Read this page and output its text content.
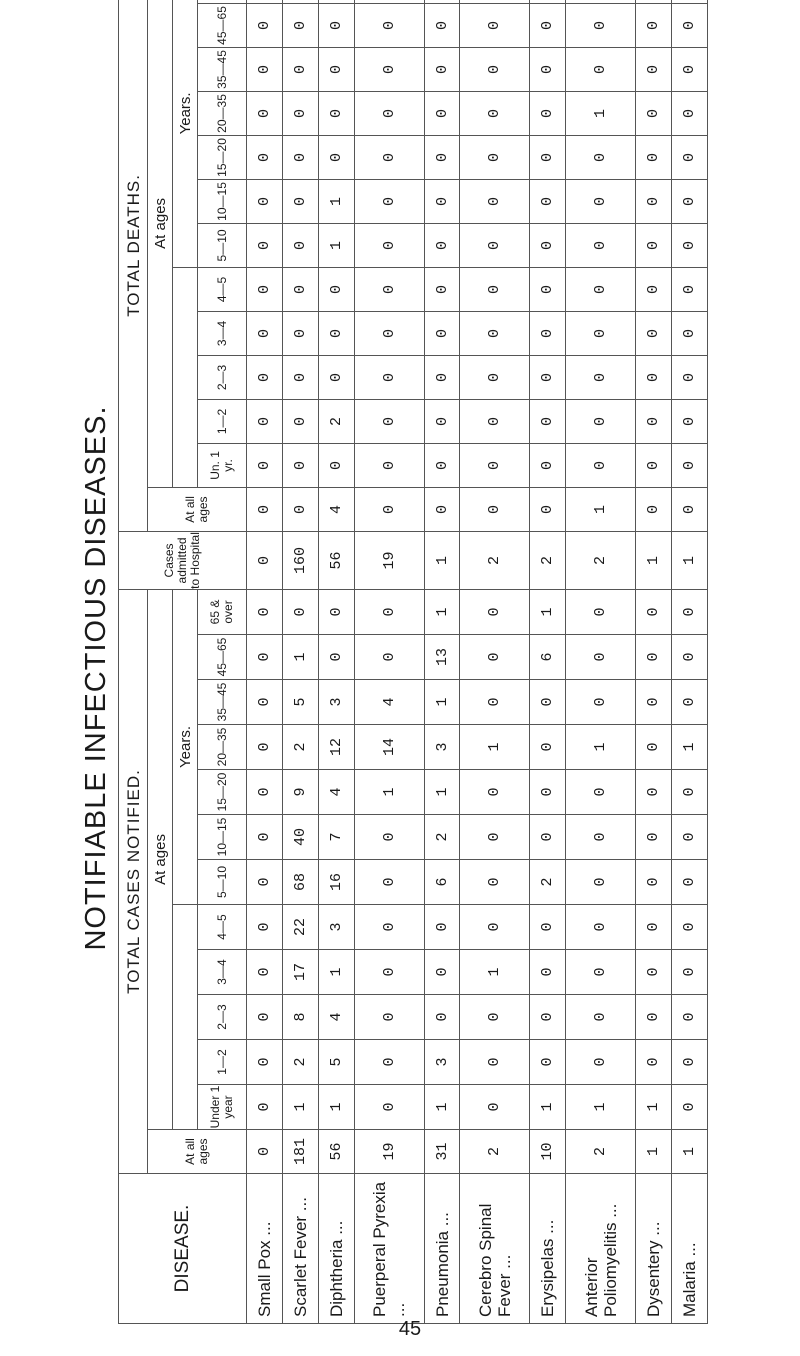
NOTIFIABLE INFECTIOUS DISEASES.
DISEASE.	TOTAL CASES NOTIFIED.													Cases admitted to Hospital	TOTAL DEATHS.												
	At all ages	At ages													At all ages	At ages											
							Years.														Years.						
		Under 1 year	1—2	2—3	3—4	4—5	5—10	10—15	15—20	20—35	35—45	45—65	65 & over			Un. 1 yr.	1—2	2—3	3—4	4—5	5—10	10—15	15—20	20—35	35—45	45—65	
Small Pox ...	0	0	0	0	0	0	0	0	0	0	0	0	0	0	0	0	0	0	0	0	0	0	0	0	0	0	
Scarlet Fever ...	181	1	2	8	17	22	68	40	9	2	5	1	0	160	0	0	0	0	0	0	0	0	0	0	0	0	
Diphtheria ...	56	1	5	4	1	3	16	7	4	12	3	0	0	56	4	0	2	0	0	0	1	1	0	0	0	0	
Puerperal Pyrexia ...	19	0	0	0	0	0	0	0	1	14	4	0	0	19	0	0	0	0	0	0	0	0	0	0	0	0	
Pneumonia ...	31	1	3	0	0	0	6	2	1	3	1	13	1	1	0	0	0	0	0	0	0	0	0	0	0	0	
Cerebro Spinal Fever ...	2	0	0	0	1	0	0	0	0	1	0	0	0	2	0	0	0	0	0	0	0	0	0	0	0	0	
Erysipelas ...	10	1	0	0	0	0	2	0	0	0	0	6	1	2	0	0	0	0	0	0	0	0	0	0	0	0	
Anterior Poliomyelitis ...	2	1	0	0	0	0	0	0	0	1	0	0	0	2	1	0	0	0	0	0	0	0	0	1	0	0	
Dysentery ...	1	1	0	0	0	0	0	0	0	0	0	0	0	1	0	0	0	0	0	0	0	0	0	0	0	0	
Malaria ...	1	0	0	0	0	0	0	0	0	1	0	0	0	1	0	0	0	0	0	0	0	0	0	0	0	0	
45
